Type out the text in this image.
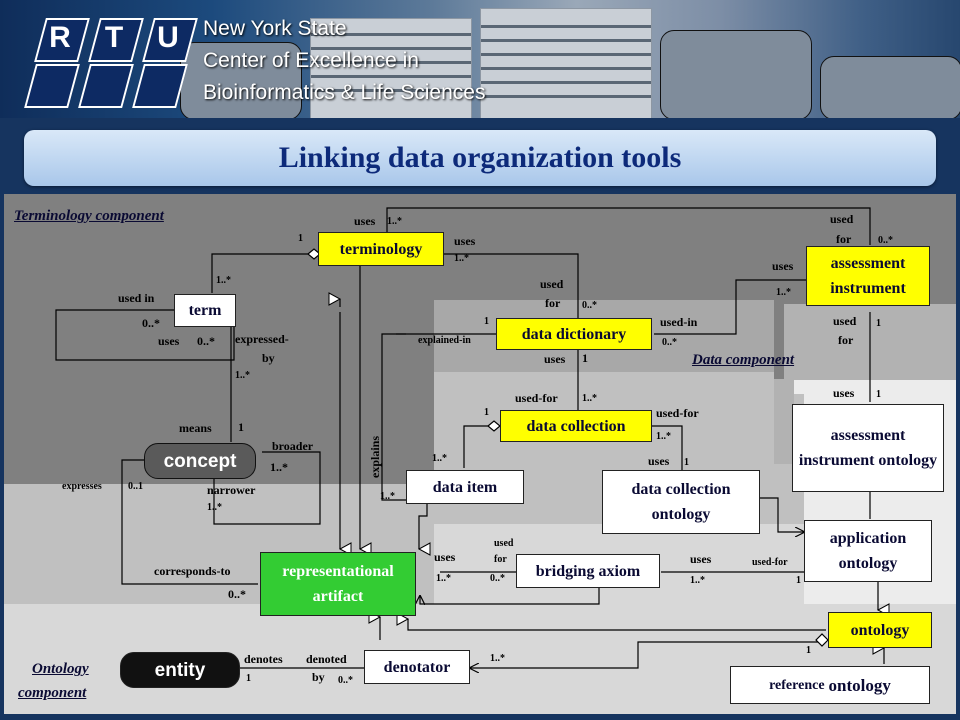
R	T	U	New York State
Center of Excellence in
Bioinformatics & Life Sciences
Linking data organization tools
Terminology component
Data component
Ontology
component
terminology
term
concept
data dictionary
data collection
data item
assessment instrument
assessment instrument ontology
data collection ontology
application ontology
representational artifact
bridging axiom
ontology
entity	denotator
reference
ontology
uses 1..*
1	uses
1..*
1..*
used in
0..*
uses 0..* expressed-
by
1..*
means 1
broader
1..*
expresses	0..1	narrower
1..*
corresponds-to
0..*
used
for	0..*
uses
1..*
used
for 0..*
1
explained-in
used-in
0..*
uses 1
used
for
1
uses 1
used-for 1..*
1	used-for
1..*
uses 1
explains
1..*
1..*
uses
1..*
used
for
0..*
uses
1..*
used-for
1
1..*
1
denotes
1
denoted
by 0..*
